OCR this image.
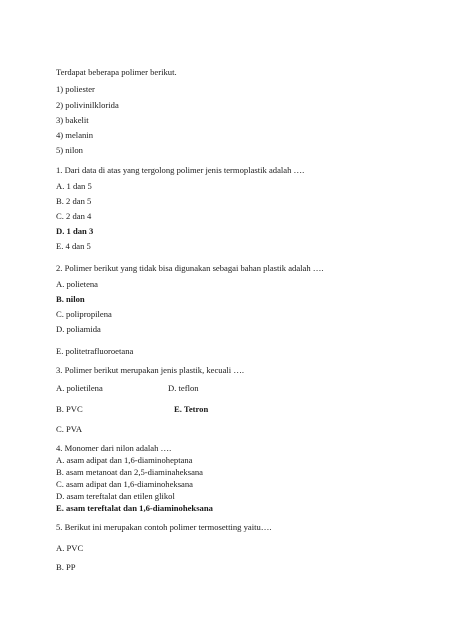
Terdapat beberapa polimer berikut.
1) poliester
2) polivinilklorida
3) bakelit
4) melanin
5) nilon
1. Dari data di atas yang tergolong polimer jenis termoplastik adalah ….
A. 1 dan 5
B. 2 dan 5
C. 2 dan 4
D. 1 dan 3
E. 4 dan 5
2. Polimer berikut yang tidak bisa digunakan sebagai bahan plastik adalah ….
A. polietena
B. nilon
C. polipropilena
D. poliamida
E. politetrafluoroetana
3. Polimer berikut merupakan jenis plastik, kecuali ….
A. polietilena	D. teflon
B. PVC	E. Tetron
C. PVA
4. Monomer dari nilon adalah ….
A. asam adipat dan 1,6-diaminoheptana
B. asam metanoat dan 2,5-diaminaheksana
C. asam adipat dan 1,6-diaminoheksana
D. asam tereftalat dan etilen glikol
E. asam tereftalat dan 1,6-diaminoheksana
5. Berikut ini merupakan contoh polimer termosetting yaitu….
A. PVC
B. PP
